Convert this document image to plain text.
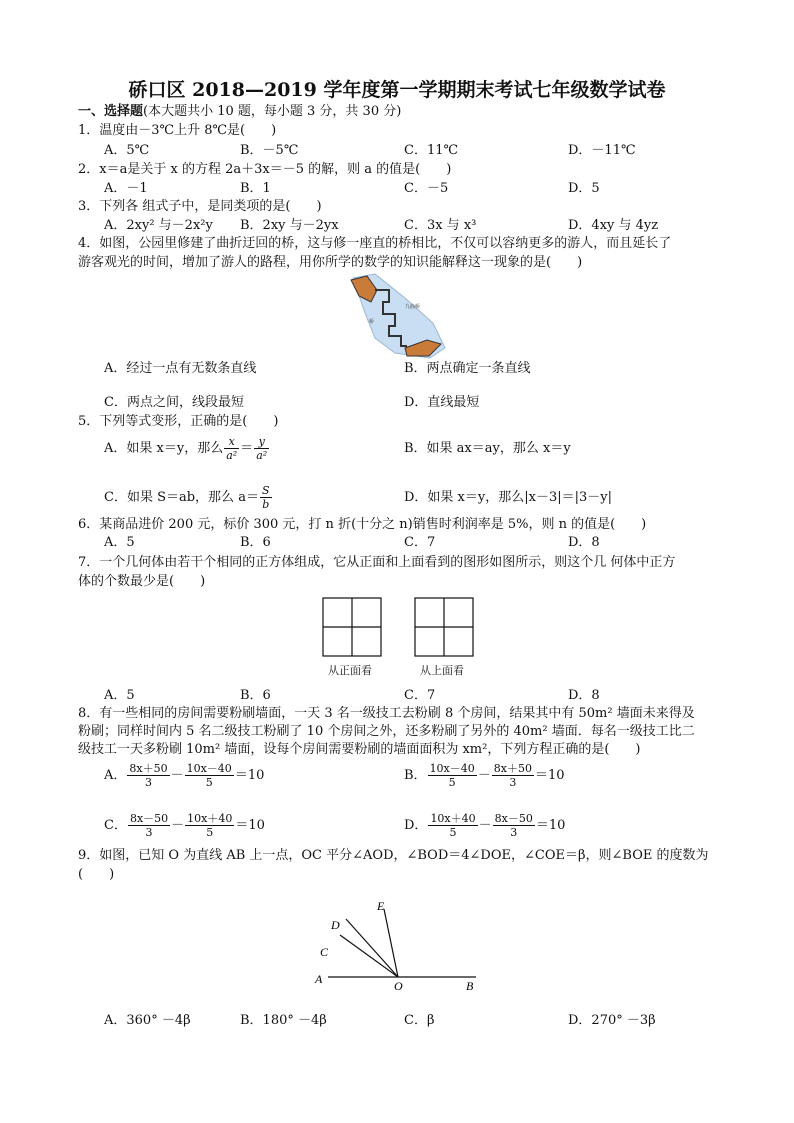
硚口区 2018—2019 学年度第一学期期末考试七年级数学试卷
一、选择题(本大题共小 10 题，每小题 3 分，共 30 分)
1．温度由－3℃上升 8℃是(　　)
A．5℃	B．－5℃	C．11℃	D．－11℃
2．x＝a是关于 x 的方程 2a＋3x＝－5 的解，则 a 的值是(　　)
A．－1	B．1	C．－5	D．5
3．下列各 组式子中，是同类项的是(　　)
A．2xy² 与－2x²y B．2xy 与－2yx	C．3x 与 x³	D．4xy 与 4yz
4．如图，公园里修建了曲折迂回的桥，这与修一座直的桥相比，不仅可以容纳更多的游人，而且延长了
游客观光的时间，增加了游人的路程，用你所学的数学的知识能解释这一现象的是(　　)
九曲桥
桥
A．经过一点有无数条直线	B．两点确定一条直线
C．两点之间，线段最短	D．直线最短
5．下列等式变形，正确的是(　　)
A．如果 x＝y，那么 $\frac{x}{\text{a²}} = \frac{y}{\text{a²}}$	B．如果 ax＝ay，那么 x＝y
C．如果 S＝ab，那么 $a= \frac{S}{b}$	D．如果 x＝y，那么|x－3|＝|3－y|
6．某商品进价 200 元，标价 300 元，打 n 折(十分之 n)销售时利润率是 5%，则 n 的值是(　　)
A．5	B．6	C．7	D．8
7．一个几何体由若干个相同的正方体组成，它从正面和上面看到的图形如图所示，则这个几 何体中正方
体的个数最少是(　　)
从正面看	从上面看
A．5	B．6	C．7	D．8
8．有一些相同的房间需要粉刷墙面，一天 3 名一级技工去粉刷 8 个房间，结果其中有 50m² 墙面未来得及
粉刷；同样时间内 5 名二级技工粉刷了 10 个房间之外，还多粉刷了另外的 40m² 墙面．每名一级技工比二
级技工一天多粉刷 10m² 墙面，设每个房间需要粉刷的墙面面积为 xm²，下列方程正确的是(　　)
A． $\frac{8x+50}{3} - \frac{10x-40}{5} =10$	B． $\frac{10x-40}{5} - \frac{8x+50}{3} =10$
C． $\frac{8x-50}{3} - \frac{10x+40}{5} =10$	D． $\frac{10x+40}{5} - \frac{8x-50}{3} =10$
9．如图，已知 O 为直线 AB 上一点，OC 平分∠AOD，∠BOD＝4∠DOE，∠COE＝β，则∠BOE 的度数为
(　　)
A	B
O
C
D
E
A．360° －4β	B．180° －4β	C．β	D．270° －3β
